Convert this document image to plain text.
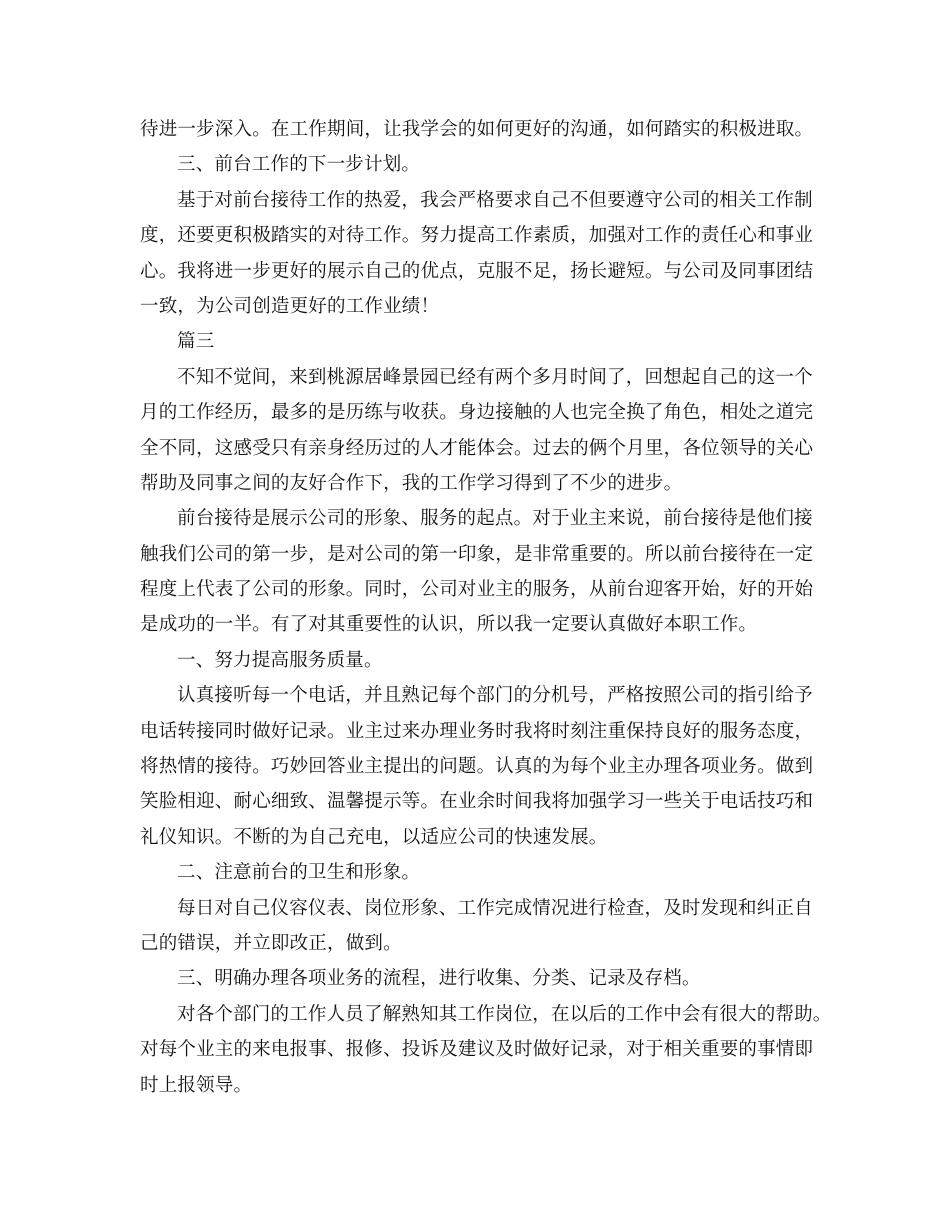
待进一步深入。在工作期间，让我学会的如何更好的沟通，如何踏实的积极进取。
三、前台工作的下一步计划。
基于对前台接待工作的热爱，我会严格要求自己不但要遵守公司的相关工作制
度，还要更积极踏实的对待工作。努力提高工作素质，加强对工作的责任心和事业
心。我将进一步更好的展示自己的优点，克服不足，扬长避短。与公司及同事团结
一致，为公司创造更好的工作业绩！
篇三
不知不觉间，来到桃源居峰景园已经有两个多月时间了，回想起自己的这一个
月的工作经历，最多的是历练与收获。身边接触的人也完全换了角色，相处之道完
全不同，这感受只有亲身经历过的人才能体会。过去的俩个月里，各位领导的关心
帮助及同事之间的友好合作下，我的工作学习得到了不少的进步。
前台接待是展示公司的形象、服务的起点。对于业主来说，前台接待是他们接
触我们公司的第一步，是对公司的第一印象，是非常重要的。所以前台接待在一定
程度上代表了公司的形象。同时，公司对业主的服务，从前台迎客开始，好的开始
是成功的一半。有了对其重要性的认识，所以我一定要认真做好本职工作。
一、努力提高服务质量。
认真接听每一个电话，并且熟记每个部门的分机号，严格按照公司的指引给予
电话转接同时做好记录。业主过来办理业务时我将时刻注重保持良好的服务态度，
将热情的接待。巧妙回答业主提出的问题。认真的为每个业主办理各项业务。做到
笑脸相迎、耐心细致、温馨提示等。在业余时间我将加强学习一些关于电话技巧和
礼仪知识。不断的为自己充电，以适应公司的快速发展。
二、注意前台的卫生和形象。
每日对自己仪容仪表、岗位形象、工作完成情况进行检查，及时发现和纠正自
己的错误，并立即改正，做到。
三、明确办理各项业务的流程，进行收集、分类、记录及存档。
对各个部门的工作人员了解熟知其工作岗位，在以后的工作中会有很大的帮助。
对每个业主的来电报事、报修、投诉及建议及时做好记录，对于相关重要的事情即
时上报领导。
